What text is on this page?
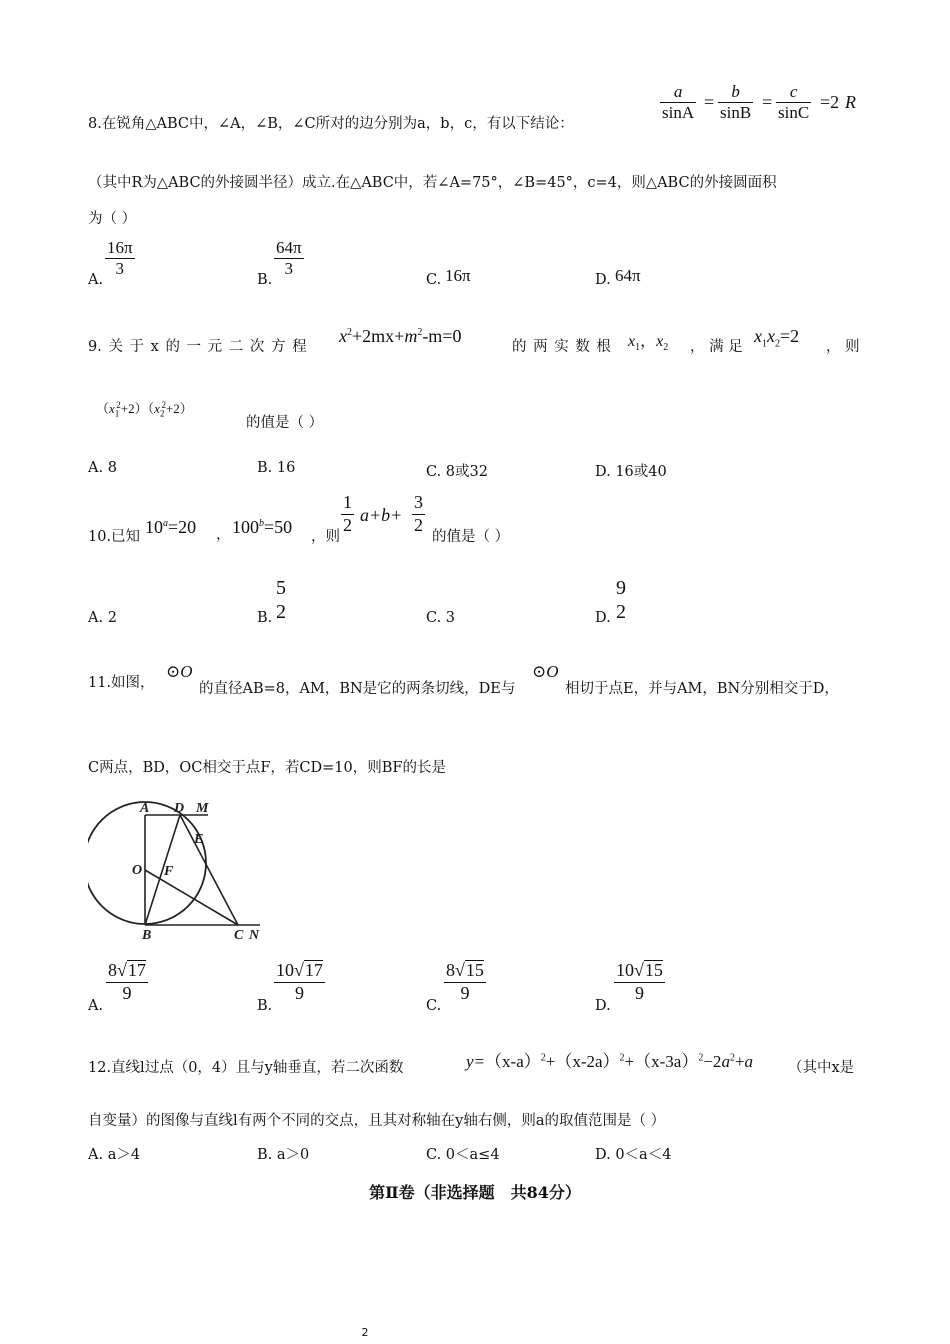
8.在锐角△ABC中，∠A，∠B，∠C所对的边分别为a，b，c，有以下结论：
$\frac{a}{\sin A} = \frac{b}{\sin B} = \frac{c}{\sin C} =2$ R
（其中R为△ABC的外接圆半径）成立.在△ABC中，若∠A=75°，∠B=45°，c=4，则△ABC的外接圆面积
为（ ）
A.
$\frac{16\pi}{3}$
B.
$\frac{64\pi}{3}$
C. 16π	D. 64π
9. 关 于 x 的 一 元 二 次 方 程
$x^2+2mx+m^2-m=0$
的 两 实 数 根 $x_1$，$x_2$ ， 满 足
$x_1x_2=2$
， 则
$(x_1^2+2)(x_2^2+2)$
的值是（ ）
A. 8	B. 16	C. 8或32	D. 16或40
10.已知 $10^a=20$ ， $100^b=50$ ，则
$\frac{1}{2} a+b+ \frac{3}{2}$
的值是（ ）
A. 2	B.
5
2	C. 3	D.
9
2
11.如图，
⊙O
的直径AB=8，AM，BN是它的两条切线，DE与
⊙O
相切于点E，并与AM，BN分别相交于D，
C两点，BD，OC相交于点F，若CD=10，则BF的长是
A D M
E
O F
B	C N
A.
$\frac{8√17}{9}$
B.
$\frac{10√17}{9}$
C.
$\frac{8√15}{9}$
D.
$\frac{10√15}{9}$
12.直线l过点（0，4）且与y轴垂直，若二次函数	$y=(x-a)^2+(x-2a)^2+(x-3a)^2-2a^2+a$ （其中x是
自变量）的图像与直线l有两个不同的交点，且其对称轴在y轴右侧，则a的取值范围是（ ）
A. a＞4	B. a＞0	C. 0＜a≤4	D. 0＜a＜4
第Ⅱ卷（非选择题　共84分）
2
